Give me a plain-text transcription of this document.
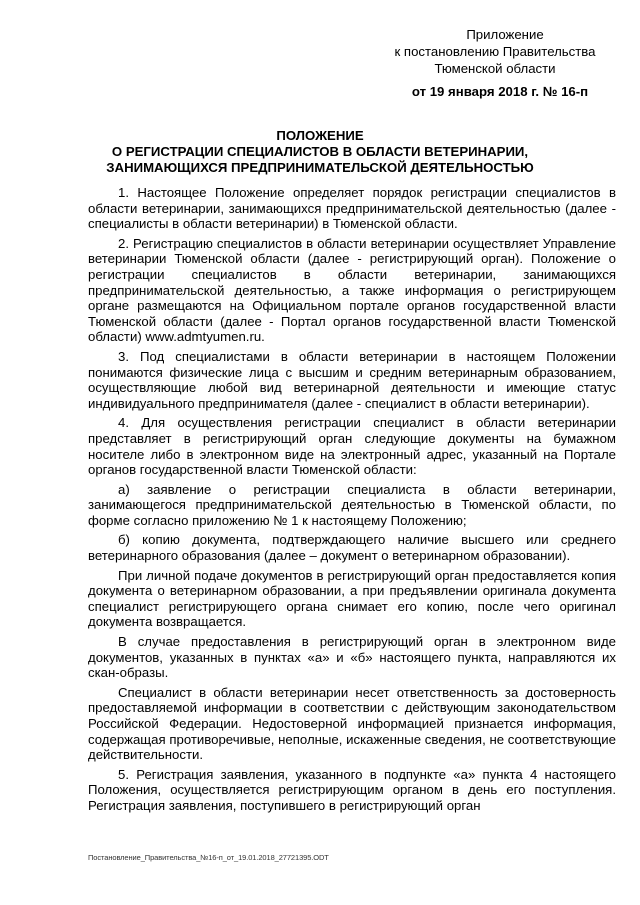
Приложение
к постановлению Правительства
Тюменской области
от 19 января 2018 г. № 16-п
ПОЛОЖЕНИЕ
О РЕГИСТРАЦИИ СПЕЦИАЛИСТОВ В ОБЛАСТИ ВЕТЕРИНАРИИ,
ЗАНИМАЮЩИХСЯ ПРЕДПРИНИМАТЕЛЬСКОЙ ДЕЯТЕЛЬНОСТЬЮ

1. Настоящее Положение определяет порядок регистрации специалистов в области ветеринарии, занимающихся предпринимательской деятельностью (далее - специалисты в области ветеринарии) в Тюменской области.

2. Регистрацию специалистов в области ветеринарии осуществляет Управление ветеринарии Тюменской области (далее - регистрирующий орган). Положение о регистрации специалистов в области ветеринарии, занимающихся предпринимательской деятельностью, а также информация о регистрирующем органе размещаются на Официальном портале органов государственной власти Тюменской области (далее - Портал органов государственной власти Тюменской области) www.admtyumen.ru.

3. Под специалистами в области ветеринарии в настоящем Положении понимаются физические лица с высшим и средним ветеринарным образованием, осуществляющие любой вид ветеринарной деятельности и имеющие статус индивидуального предпринимателя (далее - специалист в области ветеринарии).

4. Для осуществления регистрации специалист в области ветеринарии представляет в регистрирующий орган следующие документы на бумажном носителе либо в электронном виде на электронный адрес, указанный на Портале органов государственной власти Тюменской области:

а) заявление о регистрации специалиста в области ветеринарии, занимающегося предпринимательской деятельностью в Тюменской области, по форме согласно приложению № 1 к настоящему Положению;

б) копию документа, подтверждающего наличие высшего или среднего ветеринарного образования (далее – документ о ветеринарном образовании).

При личной подаче документов в регистрирующий орган предоставляется копия документа о ветеринарном образовании, а при предъявлении оригинала документа специалист регистрирующего органа снимает его копию, после чего оригинал документа возвращается.

В случае предоставления в регистрирующий орган в электронном виде документов, указанных в пунктах «а» и «б» настоящего пункта, направляются их скан-образы.

Специалист в области ветеринарии несет ответственность за достоверность предоставляемой информации в соответствии с действующим законодательством Российской Федерации. Недостоверной информацией признается информация, содержащая противоречивые, неполные, искаженные сведения, не соответствующие действительности.

5. Регистрация заявления, указанного в подпункте «а» пункта 4 настоящего Положения, осуществляется регистрирующим органом в день его поступления. Регистрация заявления, поступившего в регистрирующий орган

Постановление_Правительства_№16-п_от_19.01.2018_27721395.ODT
